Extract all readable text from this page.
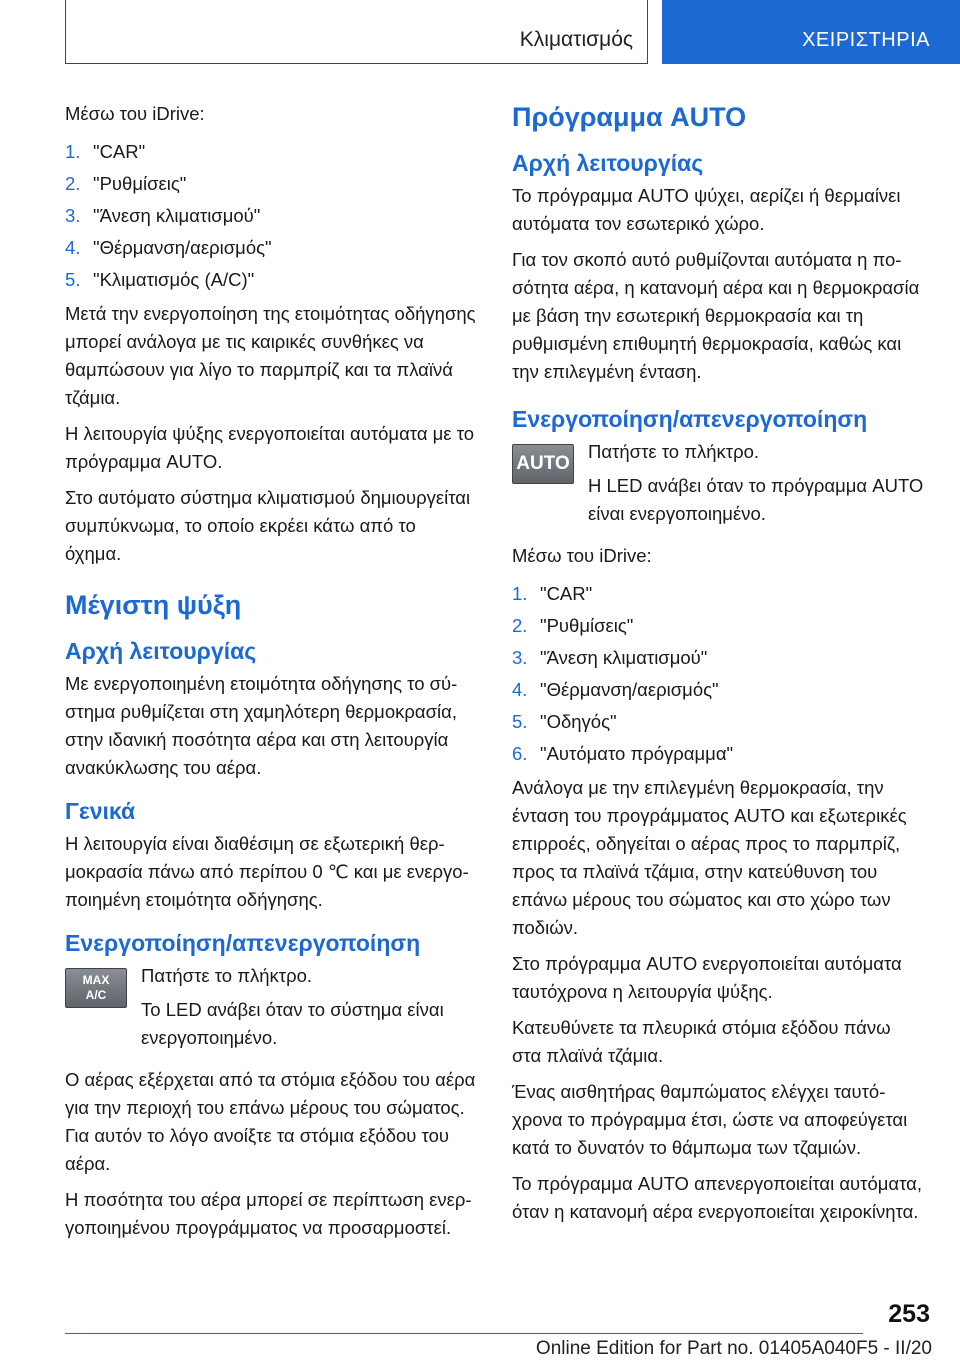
Κλιματισμός	ΧΕΙΡΙΣΤΗΡΙΑ

Μέσω του iDrive:

1. "CAR"
2. "Ρυθμίσεις"
3. "Άνεση κλιματισμού"
4. "Θέρμανση/αερισμός"
5. "Κλιματισμός (A/C)"

Μετά την ενεργοποίηση της ετοιμότητας οδήγησης μπορεί ανάλογα με τις καιρικές συνθήκες να θαμπώσουν για λίγο το παρμπρίζ και τα πλαϊνά τζάμια.

Η λειτουργία ψύξης ενεργοποιείται αυτόματα με το πρόγραμμα AUTO.

Στο αυτόματο σύστημα κλιματισμού δημιουργείται συμπύκνωμα, το οποίο εκρέει κάτω από το όχημα.

Μέγιστη ψύξη
Αρχή λειτουργίας

Με ενεργοποιημένη ετοιμότητα οδήγησης το σύστημα ρυθμίζεται στη χαμηλότερη θερμοκρασία, στην ιδανική ποσότητα αέρα και στη λειτουργία ανακύκλωσης του αέρα.

Γενικά

Η λειτουργία είναι διαθέσιμη σε εξωτερική θερμοκρασία πάνω από περίπου 0 ℃ και με ενεργοποιημένη ετοιμότητα οδήγησης.

Ενεργοποίηση/απενεργοποίηση
MAX
A/C

Πατήστε το πλήκτρο.

Το LED ανάβει όταν το σύστημα είναι ενεργοποιημένο.

Ο αέρας εξέρχεται από τα στόμια εξόδου του αέρα για την περιοχή του επάνω μέρους του σώματος. Για αυτόν το λόγο ανοίξτε τα στόμια εξόδου του αέρα.

Η ποσότητα του αέρα μπορεί σε περίπτωση ενεργοποιημένου προγράμματος να προσαρμοστεί.

Πρόγραμμα AUTO
Αρχή λειτουργίας

Το πρόγραμμα AUTO ψύχει, αερίζει ή θερμαίνει αυτόματα τον εσωτερικό χώρο.

Για τον σκοπό αυτό ρυθμίζονται αυτόματα η ποσότητα αέρα, η κατανομή αέρα και η θερμοκρασία με βάση την εσωτερική θερμοκρασία και τη ρυθμισμένη επιθυμητή θερμοκρασία, καθώς και την επιλεγμένη ένταση.

Ενεργοποίηση/απενεργοποίηση
AUTO

Πατήστε το πλήκτρο.

Η LED ανάβει όταν το πρόγραμμα AUTO είναι ενεργοποιημένο.

Μέσω του iDrive:

1. "CAR"
2. "Ρυθμίσεις"
3. "Άνεση κλιματισμού"
4. "Θέρμανση/αερισμός"
5. "Οδηγός"
6. "Αυτόματο πρόγραμμα"

Ανάλογα με την επιλεγμένη θερμοκρασία, την ένταση του προγράμματος AUTO και εξωτερικές επιρροές, οδηγείται ο αέρας προς το παρμπρίζ, προς τα πλαϊνά τζάμια, στην κατεύθυνση του επάνω μέρους του σώματος και στο χώρο των ποδιών.

Στο πρόγραμμα AUTO ενεργοποιείται αυτόματα ταυτόχρονα η λειτουργία ψύξης.

Κατευθύνετε τα πλευρικά στόμια εξόδου πάνω στα πλαϊνά τζάμια.

Ένας αισθητήρας θαμπώματος ελέγχει ταυτόχρονα το πρόγραμμα έτσι, ώστε να αποφεύγεται κατά το δυνατόν το θάμπωμα των τζαμιών.

Το πρόγραμμα AUTO απενεργοποιείται αυτόματα, όταν η κατανομή αέρα ενεργοποιείται χειροκίνητα.

253
Online Edition for Part no. 01405A040F5 - II/20
